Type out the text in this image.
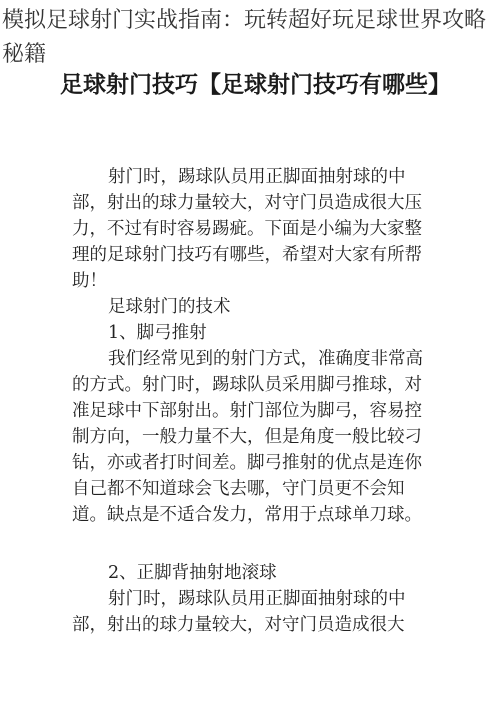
模拟足球射门实战指南：玩转超好玩足球世界攻略秘籍
足球射门技巧【足球射门技巧有哪些】

射门时，踢球队员用正脚面抽射球的中部，射出的球力量较大，对守门员造成很大压力，不过有时容易踢疵。下面是小编为大家整理的足球射门技巧有哪些，希望对大家有所帮助！

足球射门的技术

1、脚弓推射

我们经常见到的射门方式，准确度非常高的方式。射门时，踢球队员采用脚弓推球，对准足球中下部射出。射门部位为脚弓，容易控制方向，一般力量不大，但是角度一般比较刁钻，亦或者打时间差。脚弓推射的优点是连你自己都不知道球会飞去哪，守门员更不会知道。缺点是不适合发力，常用于点球单刀球。

2、正脚背抽射地滚球

射门时，踢球队员用正脚面抽射球的中部，射出的球力量较大，对守门员造成很大
